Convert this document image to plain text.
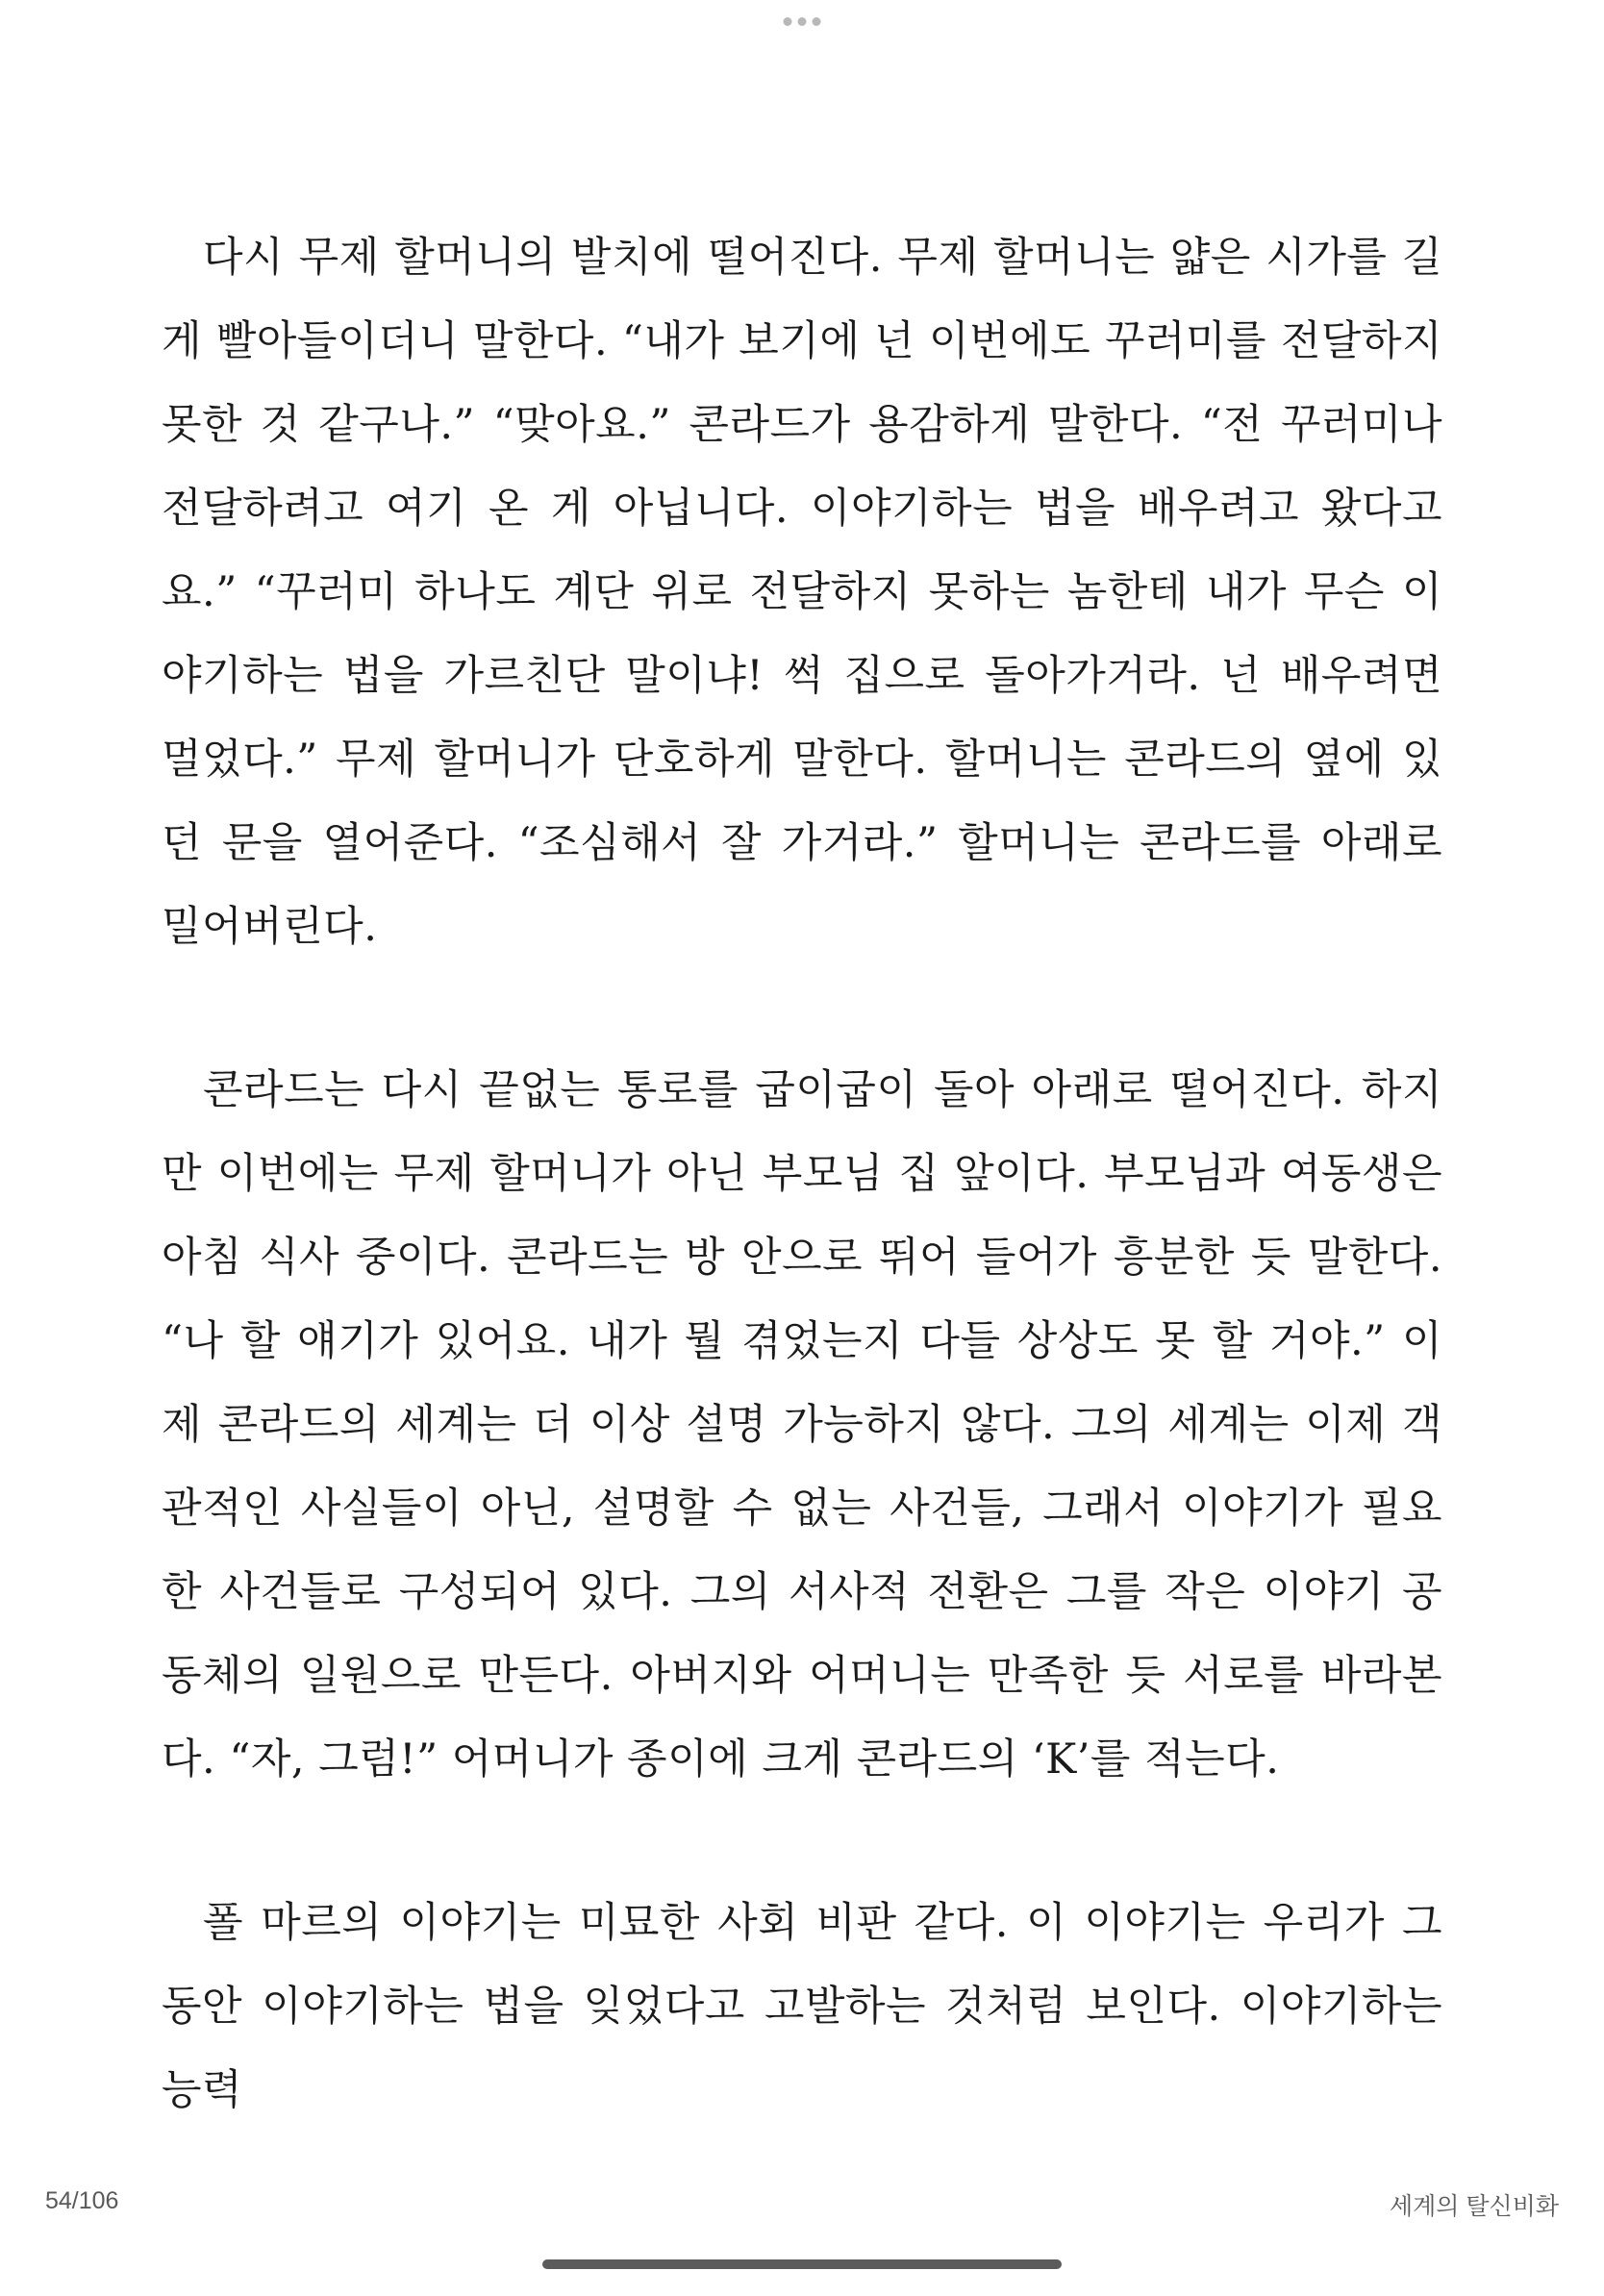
다시 무제 할머니의 발치에 떨어진다. 무제 할머니는 얇은 시가를 길게 빨아들이더니 말한다. “내가 보기에 넌 이번에도 꾸러미를 전달하지 못한 것 같구나.” “맞아요.” 콘라드가 용감하게 말한다. “전 꾸러미나 전달하려고 여기 온 게 아닙니다. 이야기하는 법을 배우려고 왔다고요.” “꾸러미 하나도 계단 위로 전달하지 못하는 놈한테 내가 무슨 이야기하는 법을 가르친단 말이냐! 썩 집으로 돌아가거라. 넌 배우려면 멀었다.” 무제 할머니가 단호하게 말한다. 할머니는 콘라드의 옆에 있던 문을 열어준다. “조심해서 잘 가거라.” 할머니는 콘라드를 아래로 밀어버린다.

콘라드는 다시 끝없는 통로를 굽이굽이 돌아 아래로 떨어진다. 하지만 이번에는 무제 할머니가 아닌 부모님 집 앞이다. 부모님과 여동생은 아침 식사 중이다. 콘라드는 방 안으로 뛰어 들어가 흥분한 듯 말한다. “나 할 얘기가 있어요. 내가 뭘 겪었는지 다들 상상도 못 할 거야.” 이제 콘라드의 세계는 더 이상 설명 가능하지 않다. 그의 세계는 이제 객관적인 사실들이 아닌, 설명할 수 없는 사건들, 그래서 이야기가 필요한 사건들로 구성되어 있다. 그의 서사적 전환은 그를 작은 이야기 공동체의 일원으로 만든다. 아버지와 어머니는 만족한 듯 서로를 바라본다. “자, 그럼!” 어머니가 종이에 크게 콘라드의 ‘K’를 적는다.

폴 마르의 이야기는 미묘한 사회 비판 같다. 이 이야기는 우리가 그동안 이야기하는 법을 잊었다고 고발하는 것처럼 보인다. 이야기하는 능력

54/106	세계의 탈신비화
